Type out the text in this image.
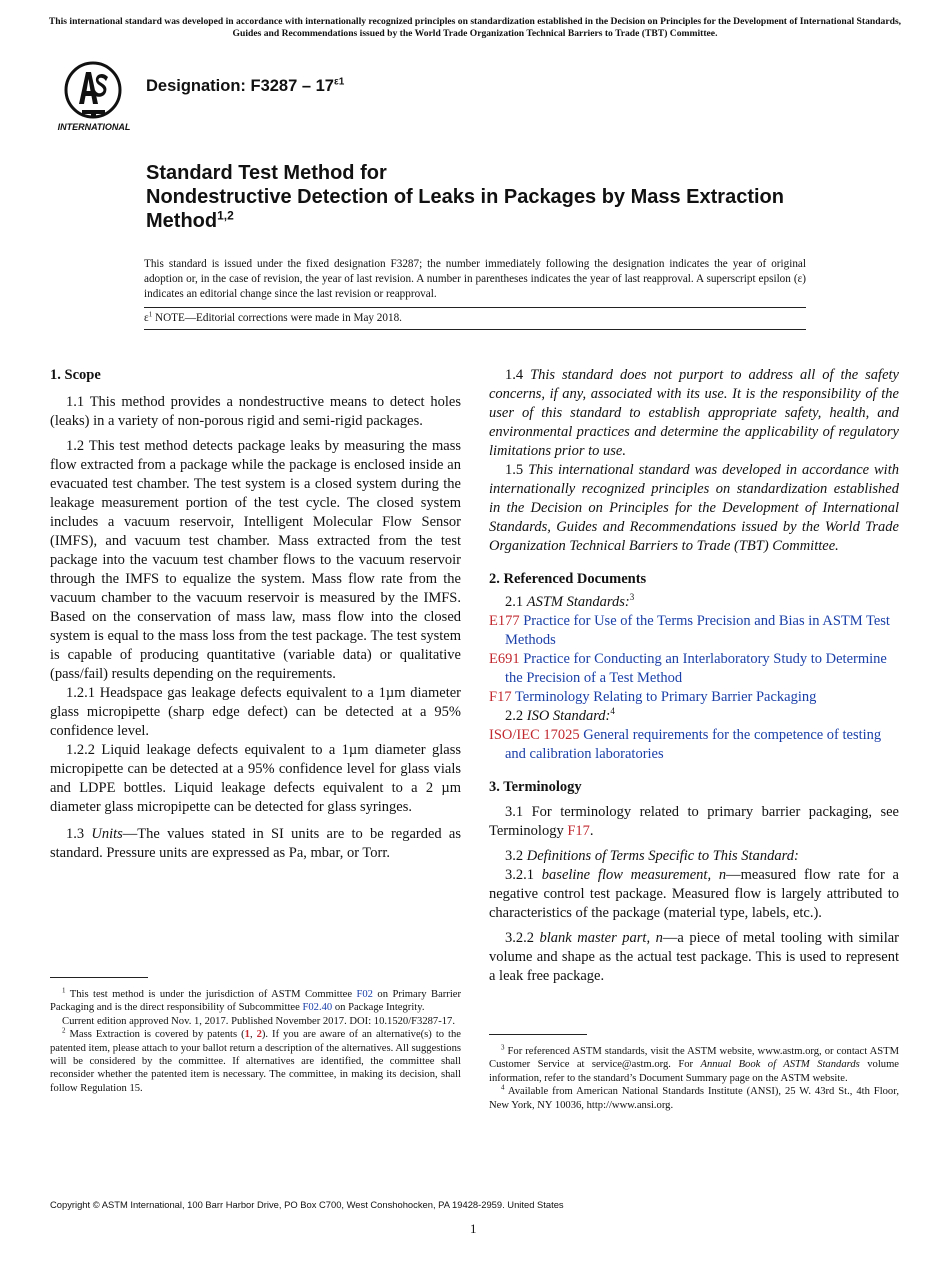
This international standard was developed in accordance with internationally recognized principles on standardization established in the Decision on Principles for the Development of International Standards, Guides and Recommendations issued by the World Trade Organization Technical Barriers to Trade (TBT) Committee.
INTERNATIONAL
Designation: $F3287 - 17^{\varepsilon 1}$
Standard Test Method for
Nondestructive Detection of Leaks in Packages by Mass Extraction Method$^{1,2}$
This standard is issued under the fixed designation F3287; the number immediately following the designation indicates the year of original adoption or, in the case of revision, the year of last revision. A number in parentheses indicates the year of last reapproval. A superscript epsilon (ε) indicates an editorial change since the last revision or reapproval.
$\varepsilon^1$ NOTE—Editorial corrections were made in May 2018.

1. Scope

1.1 This method provides a nondestructive means to detect holes (leaks) in a variety of non-porous rigid and semi-rigid packages.

1.2 This test method detects package leaks by measuring the mass flow extracted from a package while the package is enclosed inside an evacuated test chamber. The test system is a closed system during the leakage measurement portion of the test cycle. The closed system includes a vacuum reservoir, Intelligent Molecular Flow Sensor (IMFS), and vacuum test chamber. Mass extracted from the test package into the vacuum test chamber flows to the vacuum reservoir through the IMFS to equalize the system. Mass flow rate from the vacuum chamber to the vacuum reservoir is measured by the IMFS. Based on the conservation of mass law, mass flow into the closed system is equal to the mass loss from the test package. The test system is capable of producing quantitative (variable data) or qualitative (pass/fail) results depending on the requirements.

1.2.1 Headspace gas leakage defects equivalent to a 1µm diameter glass micropipette (sharp edge defect) can be detected at a 95% confidence level.

1.2.2 Liquid leakage defects equivalent to a 1µm diameter glass micropipette can be detected at a 95% confidence level for glass vials and LDPE bottles. Liquid leakage defects equivalent to a 2 µm diameter glass micropipette can be detected for glass syringes.

1.3 Units—The values stated in SI units are to be regarded as standard. Pressure units are expressed as Pa, mbar, or Torr.

$^1$ This test method is under the jurisdiction of ASTM Committee F02 on Primary Barrier Packaging and is the direct responsibility of Subcommittee F02.40 on Package Integrity.

Current edition approved Nov. 1, 2017. Published November 2017. DOI: 10.1520/F3287-17.

$^2$ Mass Extraction is covered by patents (1, 2). If you are aware of an alternative(s) to the patented item, please attach to your ballot return a description of the alternatives. All suggestions will be considered by the committee. If alternatives are identified, the committee shall reconsider whether the patented item is necessary. The committee, in making its decision, shall follow Regulation 15.

1.4 This standard does not purport to address all of the safety concerns, if any, associated with its use. It is the responsibility of the user of this standard to establish appropriate safety, health, and environmental practices and determine the applicability of regulatory limitations prior to use.

1.5 This international standard was developed in accordance with internationally recognized principles on standardization established in the Decision on Principles for the Development of International Standards, Guides and Recommendations issued by the World Trade Organization Technical Barriers to Trade (TBT) Committee.

2. Referenced Documents

2.1 ASTM Standards:$^3$

E177 Practice for Use of the Terms Precision and Bias in ASTM Test Methods

E691 Practice for Conducting an Interlaboratory Study to Determine the Precision of a Test Method

F17 Terminology Relating to Primary Barrier Packaging

2.2 ISO Standard:$^4$

ISO/IEC 17025 General requirements for the competence of testing and calibration laboratories

3. Terminology

3.1 For terminology related to primary barrier packaging, see Terminology F17.

3.2 Definitions of Terms Specific to This Standard:

3.2.1 baseline flow measurement, n—measured flow rate for a negative control test package. Measured flow is largely attributed to characteristics of the package (material type, labels, etc.).

3.2.2 blank master part, n—a piece of metal tooling with similar volume and shape as the actual test package. This is used to represent a leak free package.

$^3$ For referenced ASTM standards, visit the ASTM website, www.astm.org, or contact ASTM Customer Service at service@astm.org. For Annual Book of ASTM Standards volume information, refer to the standard’s Document Summary page on the ASTM website.

$^4$ Available from American National Standards Institute (ANSI), 25 W. 43rd St., 4th Floor, New York, NY 10036, http://www.ansi.org.

Copyright © ASTM International, 100 Barr Harbor Drive, PO Box C700, West Conshohocken, PA 19428-2959. United States
1
